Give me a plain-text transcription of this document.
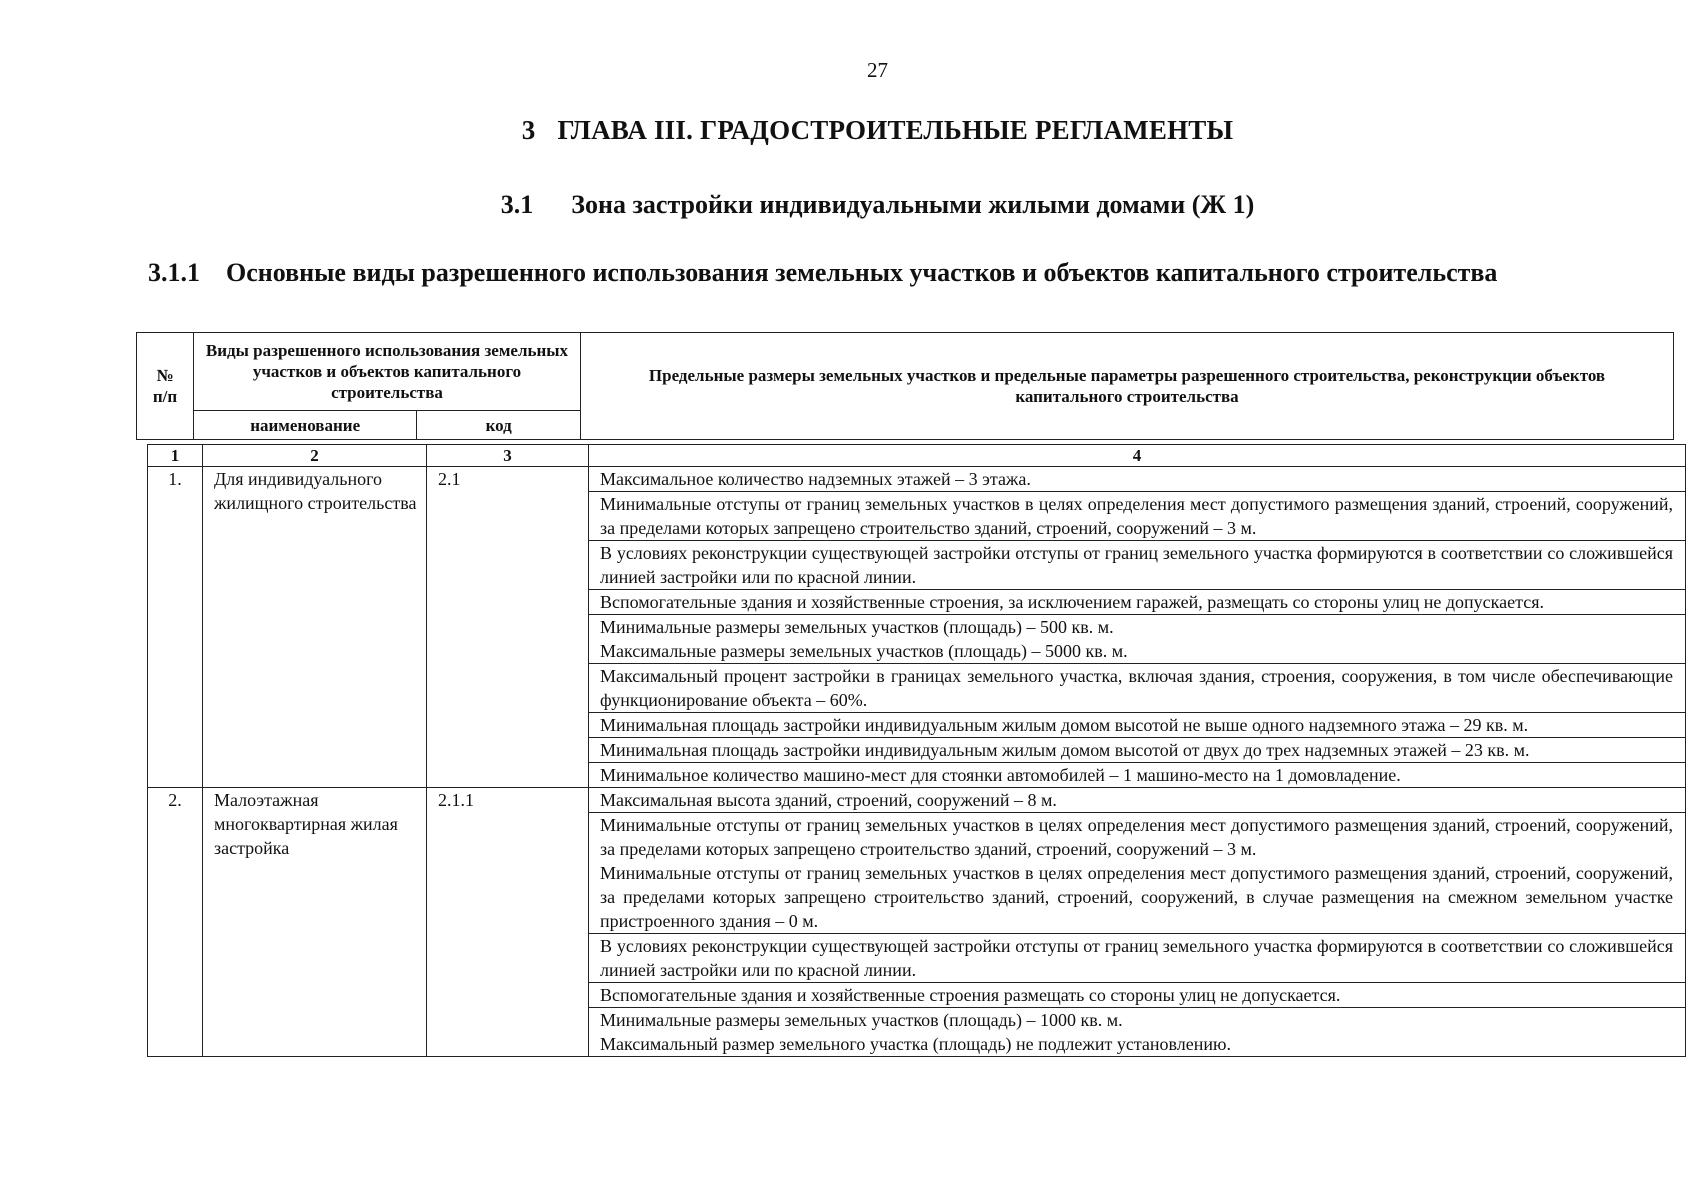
27
3 ГЛАВА III. ГРАДОСТРОИТЕЛЬНЫЕ РЕГЛАМЕНТЫ
3.1 Зона застройки индивидуальными жилыми домами (Ж 1)
3.1.1 Основные виды разрешенного использования земельных участков и объектов капитального строительства
№ п/п	Виды разрешенного использования земельных участков и объектов капитального строительства		Предельные размеры земельных участков и предельные параметры разрешенного строительства, реконструкции объектов капитального строительства
	наименование	код	
1	2	3	4
1.	Для индивидуального жилищного строительства	2.1	Максимальное количество надземных этажей – 3 этажа.
			Минимальные отступы от границ земельных участков в целях определения мест допустимого размещения зданий, строений, сооружений, за пределами которых запрещено строительство зданий, строений, сооружений – 3 м.
			В условиях реконструкции существующей застройки отступы от границ земельного участка формируются в соответствии со сложившейся линией застройки или по красной линии.
			Вспомогательные здания и хозяйственные строения, за исключением гаражей, размещать со стороны улиц не допускается.
			Минимальные размеры земельных участков (площадь) – 500 кв. м.
Максимальные размеры земельных участков (площадь) – 5000 кв. м.
			Максимальный процент застройки в границах земельного участка, включая здания, строения, сооружения, в том числе обеспечивающие функционирование объекта – 60%.
			Минимальная площадь застройки индивидуальным жилым домом высотой не выше одного надземного этажа – 29 кв. м.
			Минимальная площадь застройки индивидуальным жилым домом высотой от двух до трех надземных этажей – 23 кв. м.
			Минимальное количество машино-мест для стоянки автомобилей – 1 машино-место на 1 домовладение.
2.	Малоэтажная многоквартирная жилая застройка	2.1.1	Максимальная высота зданий, строений, сооружений – 8 м.
			Минимальные отступы от границ земельных участков в целях определения мест допустимого размещения зданий, строений, сооружений, за пределами которых запрещено строительство зданий, строений, сооружений – 3 м.
Минимальные отступы от границ земельных участков в целях определения мест допустимого размещения зданий, строений, сооружений, за пределами которых запрещено строительство зданий, строений, сооружений, в случае размещения на смежном земельном участке пристроенного здания – 0 м.
			В условиях реконструкции существующей застройки отступы от границ земельного участка формируются в соответствии со сложившейся линией застройки или по красной линии.
			Вспомогательные здания и хозяйственные строения размещать со стороны улиц не допускается.
			Минимальные размеры земельных участков (площадь) – 1000 кв. м.
Максимальный размер земельного участка (площадь) не подлежит установлению.
